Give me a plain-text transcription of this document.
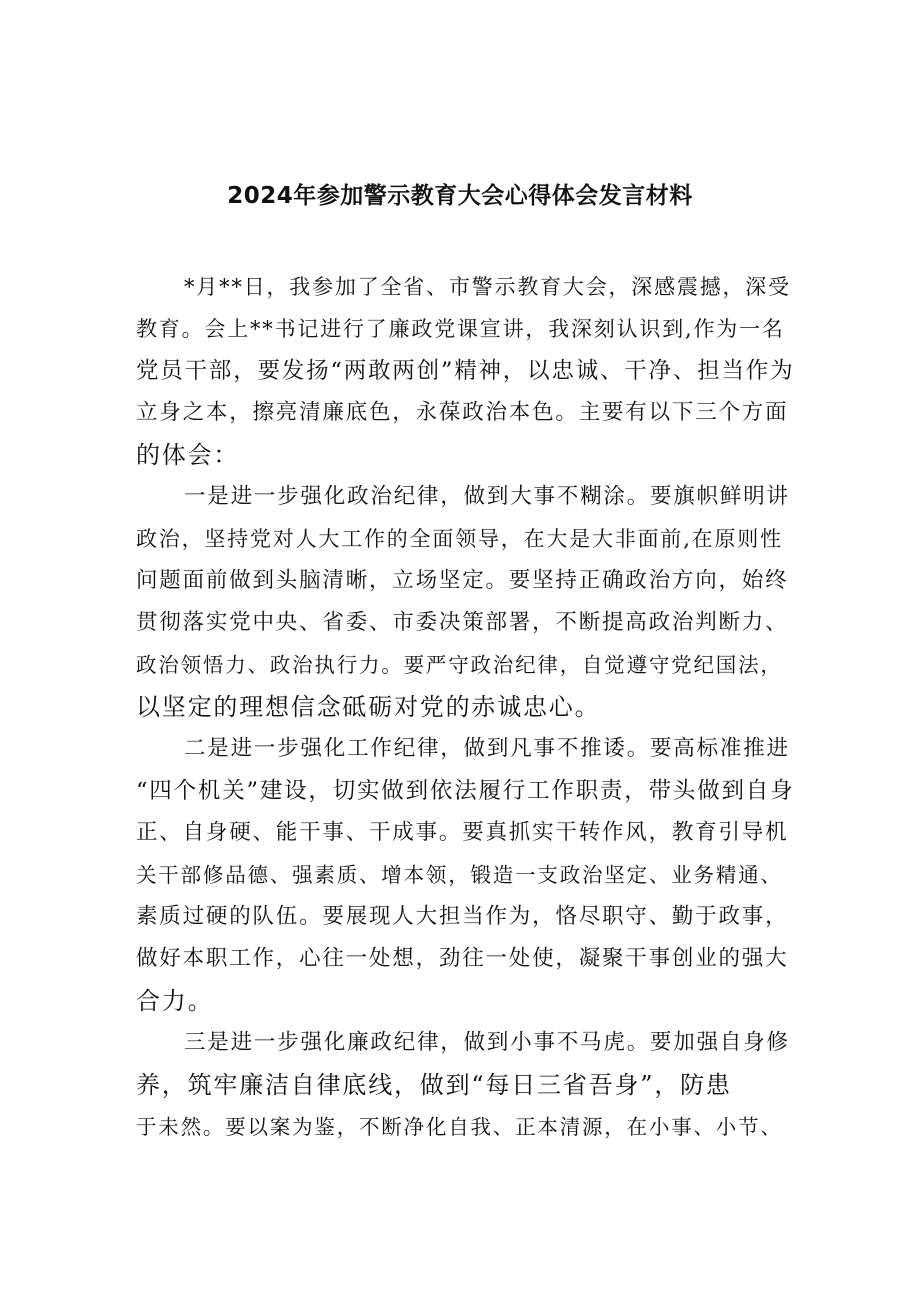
2024年参加警示教育大会心得体会发言材料
*月**日，我参加了全省、市警示教育大会，深感震撼，深受
教育。会上**书记进行了廉政党课宣讲，我深刻认识到,作为一名
党员干部，要发扬“两敢两创”精神，以忠诚、干净、担当作为
立身之本，擦亮清廉底色，永葆政治本色。主要有以下三个方面
的体会：
一是进一步强化政治纪律，做到大事不糊涂。要旗帜鲜明讲
政治，坚持党对人大工作的全面领导，在大是大非面前,在原则性
问题面前做到头脑清晰，立场坚定。要坚持正确政治方向，始终
贯彻落实党中央、省委、市委决策部署，不断提高政治判断力、
政治领悟力、政治执行力。要严守政治纪律，自觉遵守党纪国法，
以坚定的理想信念砥砺对党的赤诚忠心。
二是进一步强化工作纪律，做到凡事不推诿。要高标准推进
“四个机关”建设，切实做到依法履行工作职责，带头做到自身
正、自身硬、能干事、干成事。要真抓实干转作风，教育引导机
关干部修品德、强素质、增本领，锻造一支政治坚定、业务精通、
素质过硬的队伍。要展现人大担当作为，恪尽职守、勤于政事，
做好本职工作，心往一处想，劲往一处使，凝聚干事创业的强大
合力。
三是进一步强化廉政纪律，做到小事不马虎。要加强自身修
养，筑牢廉洁自律底线，做到“每日三省吾身”，防患
于未然。要以案为鉴，不断净化自我、正本清源，在小事、小节、
